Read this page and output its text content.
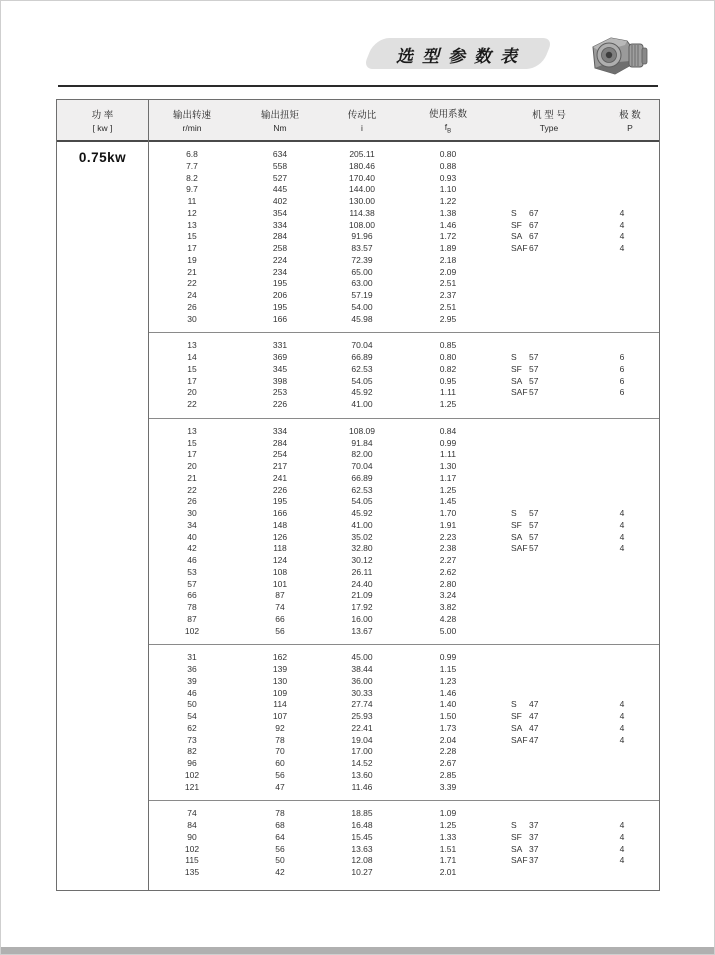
选型参数表
功 率
[ kw ]
0.75kw
输出转速
r/min
输出扭矩
Nm
传动比
i
使用系数
$f_B$
机 型 号
Type
极 数
P
6.8	634	205.11	0.80
7.7	558	180.46	0.88
8.2	527	170.40	0.93
9.7	445	144.00	1.10
11	402	130.00	1.22
12	354	114.38	1.38	S	67	4
13	334	108.00	1.46	SF 67	4
15	284	91.96	1.72	SA 67	4
17	258	83.57	1.89	SAF 67	4
19	224	72.39	2.18
21	234	65.00	2.09
22	195	63.00	2.51
24	206	57.19	2.37
26	195	54.00	2.51
30	166	45.98	2.95
13	331	70.04	0.85
14	369	66.89	0.80	S	57	6
15	345	62.53	0.82	SF 57	6
17	398	54.05	0.95	SA 57	6
20	253	45.92	1.11	SAF 57	6
22	226	41.00	1.25
13	334	108.09	0.84
15	284	91.84	0.99
17	254	82.00	1.11
20	217	70.04	1.30
21	241	66.89	1.17
22	226	62.53	1.25
26	195	54.05	1.45
30	166	45.92	1.70	S	57	4
34	148	41.00	1.91	SF 57	4
40	126	35.02	2.23	SA 57	4
42	118	32.80	2.38	SAF 57	4
46	124	30.12	2.27
53	108	26.11	2.62
57	101	24.40	2.80
66	87	21.09	3.24
78	74	17.92	3.82
87	66	16.00	4.28
102	56	13.67	5.00
31	162	45.00	0.99
36	139	38.44	1.15
39	130	36.00	1.23
46	109	30.33	1.46
50	114	27.74	1.40	S	47	4
54	107	25.93	1.50	SF 47	4
62	92	22.41	1.73	SA 47	4
73	78	19.04	2.04	SAF 47	4
82	70	17.00	2.28
96	60	14.52	2.67
102	56	13.60	2.85
121	47	11.46	3.39
74	78	18.85	1.09
84	68	16.48	1.25	S	37	4
90	64	15.45	1.33	SF 37	4
102	56	13.63	1.51	SA 37	4
115	50	12.08	1.71	SAF 37	4
135	42	10.27	2.01
